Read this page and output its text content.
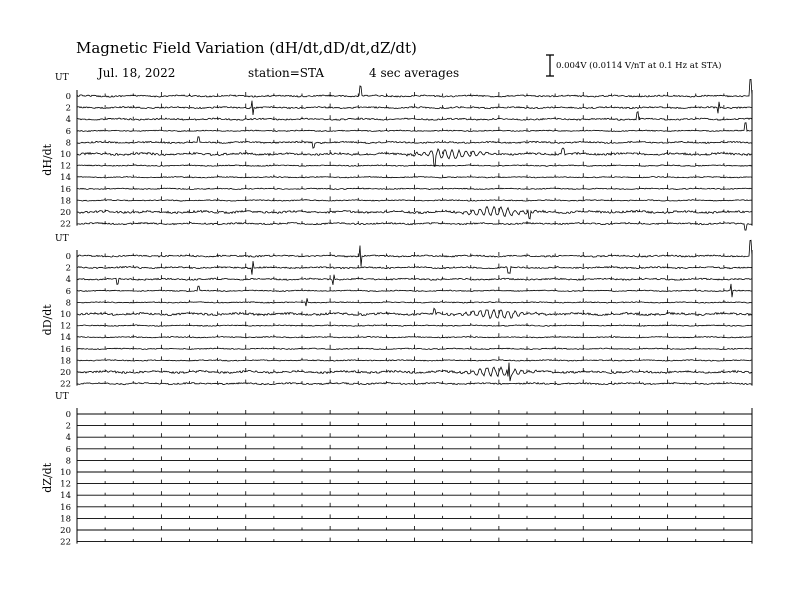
Magnetic Field Variation (dH/dt,dD/dt,dZ/dt)
Jul. 18, 2022	station=STA	4 sec averages	0.004V (0.0114 V/nT at 0.1 Hz at STA)
UT
dH/dt
0
2
4
6
8
10
12
14
16
18
20
22
UT
dD/dt
0
2
4
6
8
10
12
14
16
18
20
22
UT
dZ/dt
0
2
4
6
8
10
12
14
16
18
20
22
